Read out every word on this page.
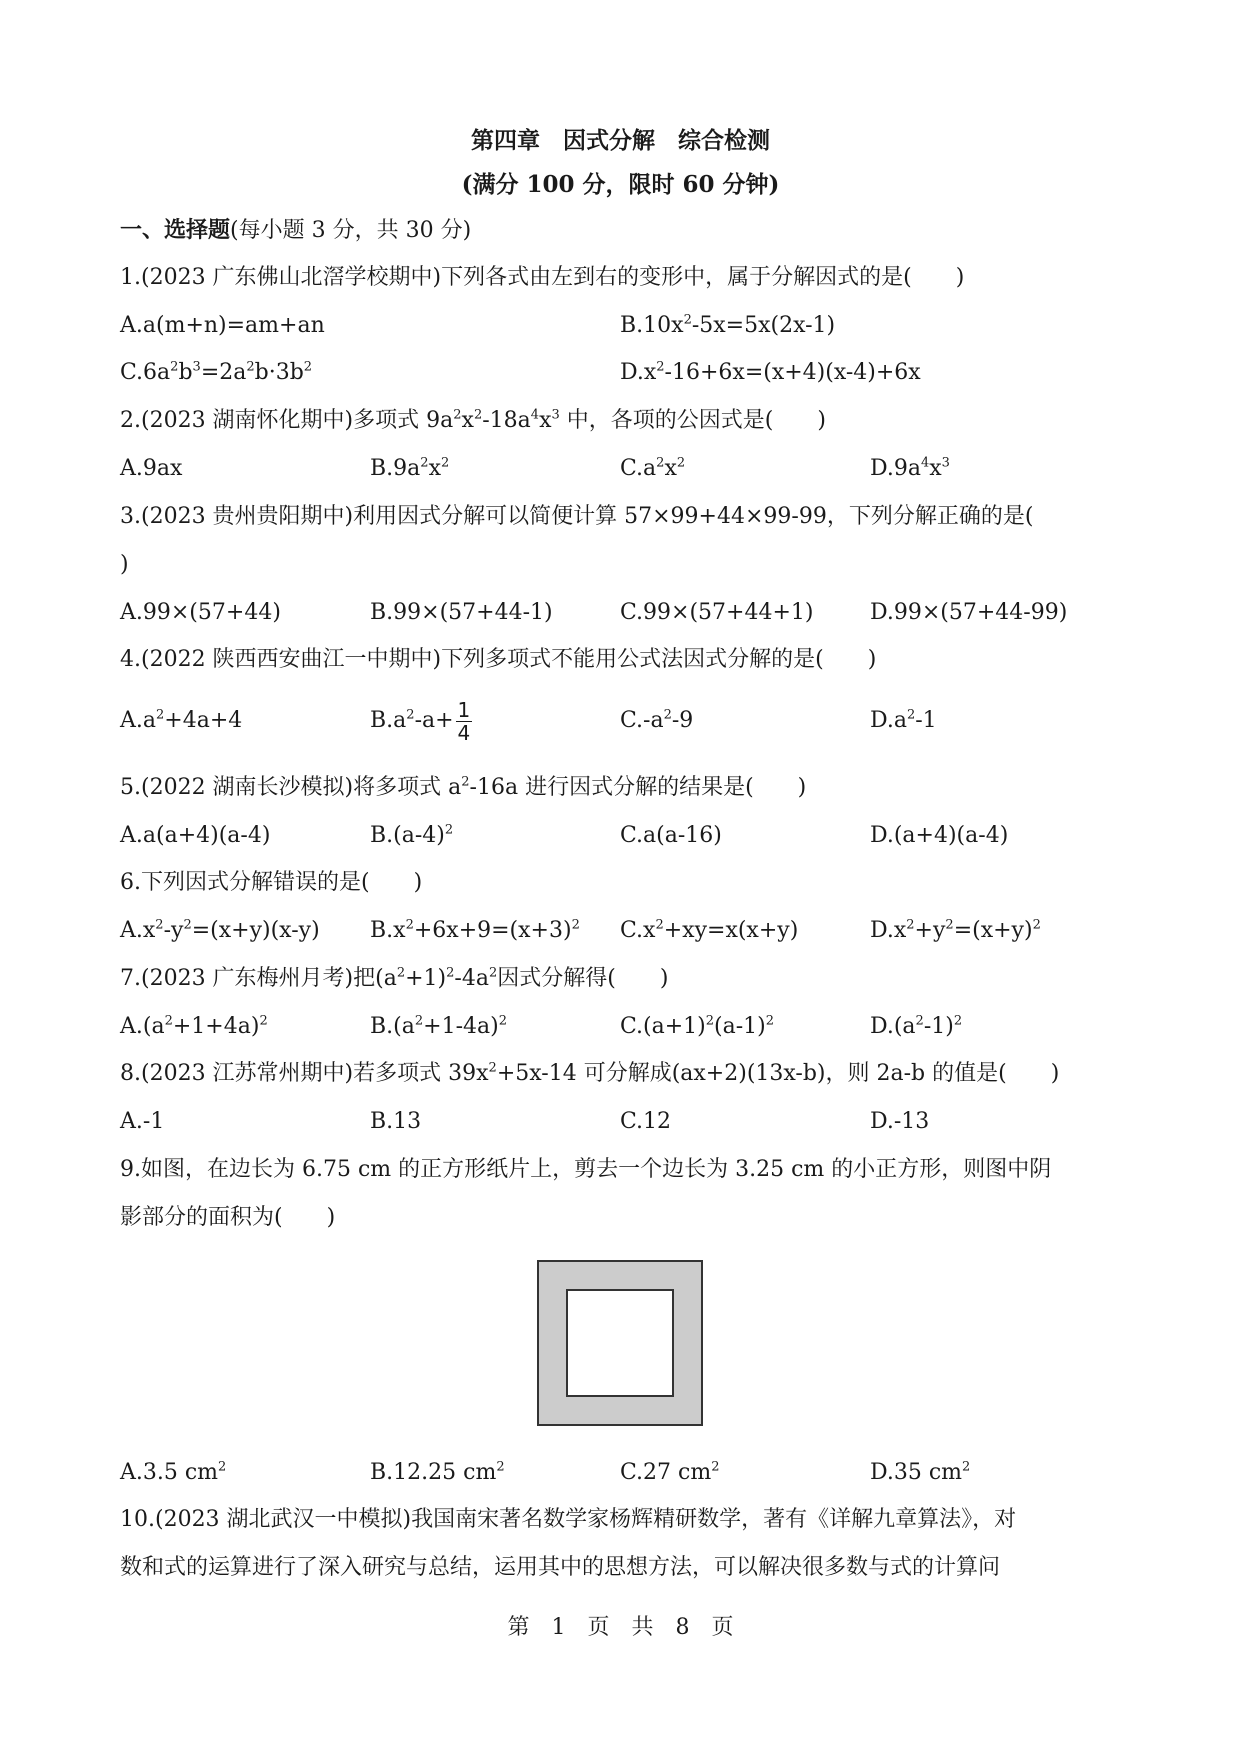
第四章　因式分解　综合检测
(满分 100 分，限时 60 分钟)
一、选择题(每小题 3 分，共 30 分)
1.(2023 广东佛山北滘学校期中)下列各式由左到右的变形中，属于分解因式的是(　　)
A.a(m+n)=am+an	$B.10x^2-5x=5x(2x-1)$
$C.6a^2b^3=2a^2b\cdot 3b^2$	$D.x^2-16+6x=(x+4)(x-4)+6x$
2.(2023 湖南怀化期中)多项式 $9a^2x^2-18a^4x^3$ 中，各项的公因式是(　　)
A.9ax	$B.9a^2x^2$	$C.a^2x^2$	$D.9a^4x^3$
3.(2023 贵州贵阳期中)利用因式分解可以简便计算 57×99+44×99-99，下列分解正确的是(
)
A.99×(57+44)	B.99×(57+44-1)	C.99×(57+44+1)	D.99×(57+44-99)
4.(2022 陕西西安曲江一中期中)下列多项式不能用公式法因式分解的是(　　)
$A.a^2+4a+4$	$B.a^2-a+ \frac{1}{4}$	$C.-a^2-9$	$D.a^2-1$
5.(2022 湖南长沙模拟)将多项式 $a^2-16a$ 进行因式分解的结果是(　　)
A.a(a+4)(a-4)	$B.(a-4)^2$	C.a(a-16)	D.(a+4)(a-4)
6.下列因式分解错误的是(　　)
$A.x^2-y^2=(x+y)(x-y)$ $B.x^2+6x+9=(x+3)^2$ $C.x^2+xy=x(x+y)$	$D.x^2+y^2=(x+y)^2$
7.(2023 广东梅州月考)把$(a^2+1)^2-4a^2$因式分解得(　　)
$A.(a^2+1+4a)^2$	$B.(a^2+1-4a)^2$	$C.(a+1)^2(a-1)^2$	$D.(a^2-1)^2$
8.(2023 江苏常州期中)若多项式 $39x^2+5x-14$ 可分解成(ax+2)(13x-b)，则 2a-b 的值是(　　)
A.-1	B.13	C.12	D.-13
9.如图，在边长为 6.75 cm 的正方形纸片上，剪去一个边长为 3.25 cm 的小正方形，则图中阴
影部分的面积为(　　)
A.3.5 $cm^2$	B.12.25 $cm^2$	C.27 $cm^2$	D.35 $cm^2$
10.(2023 湖北武汉一中模拟)我国南宋著名数学家杨辉精研数学，著有《详解九章算法》，对
数和式的运算进行了深入研究与总结，运用其中的思想方法，可以解决很多数与式的计算问
第　1　页　共　8　页
